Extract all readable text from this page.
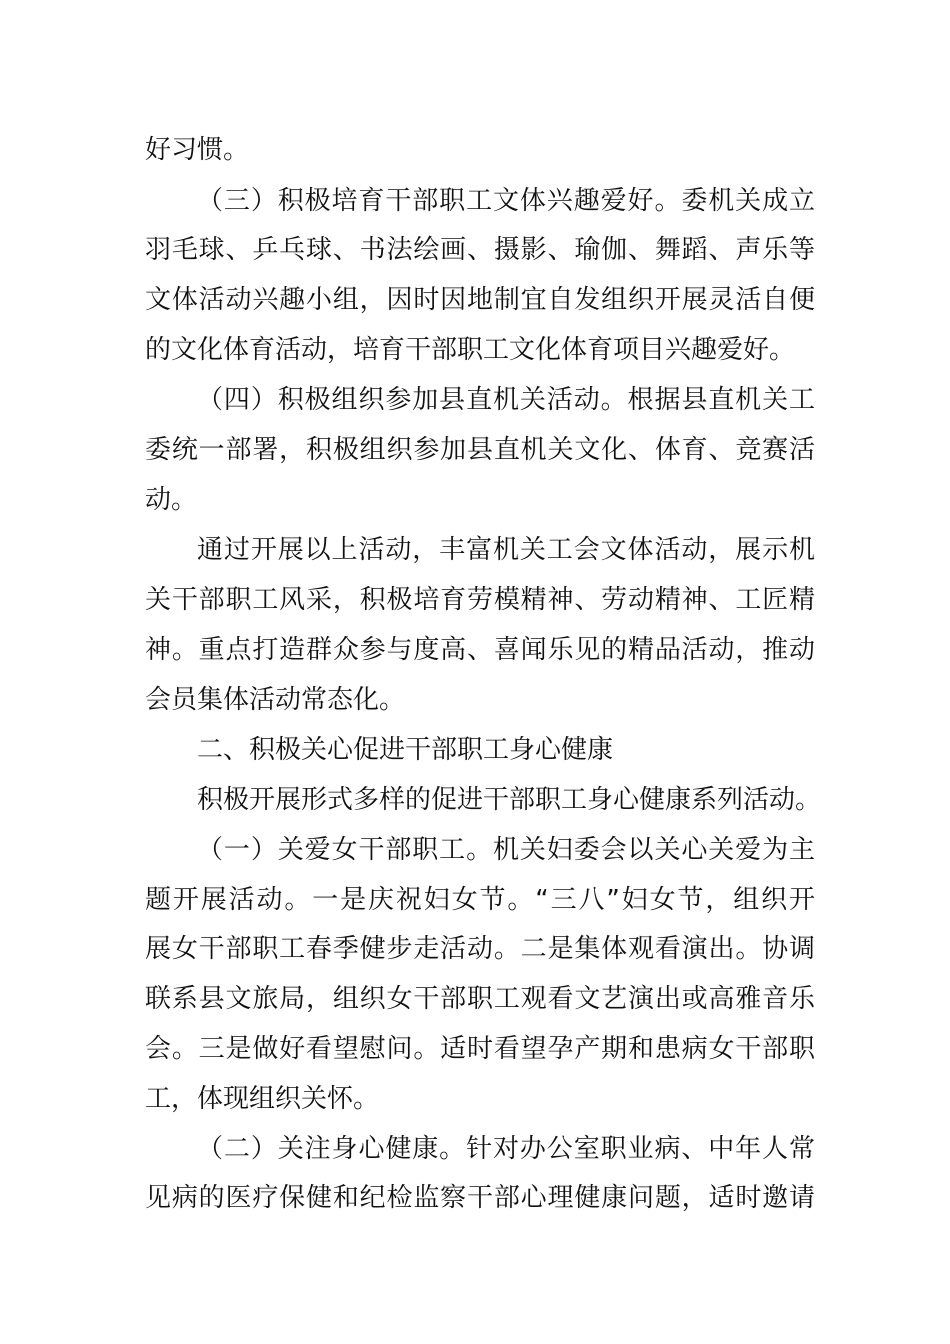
好习惯。
（三）积极培育干部职工文体兴趣爱好。委机关成立
羽毛球、乒乓球、书法绘画、摄影、瑜伽、舞蹈、声乐等
文体活动兴趣小组，因时因地制宜自发组织开展灵活自便
的文化体育活动，培育干部职工文化体育项目兴趣爱好。
（四）积极组织参加县直机关活动。根据县直机关工
委统一部署，积极组织参加县直机关文化、体育、竞赛活
动。
通过开展以上活动，丰富机关工会文体活动，展示机
关干部职工风采，积极培育劳模精神、劳动精神、工匠精
神。重点打造群众参与度高、喜闻乐见的精品活动，推动
会员集体活动常态化。
二、积极关心促进干部职工身心健康
积极开展形式多样的促进干部职工身心健康系列活动。
（一）关爱女干部职工。机关妇委会以关心关爱为主
题开展活动。一是庆祝妇女节。“三八”妇女节，组织开
展女干部职工春季健步走活动。二是集体观看演出。协调
联系县文旅局，组织女干部职工观看文艺演出或高雅音乐
会。三是做好看望慰问。适时看望孕产期和患病女干部职
工，体现组织关怀。
（二）关注身心健康。针对办公室职业病、中年人常
见病的医疗保健和纪检监察干部心理健康问题，适时邀请
